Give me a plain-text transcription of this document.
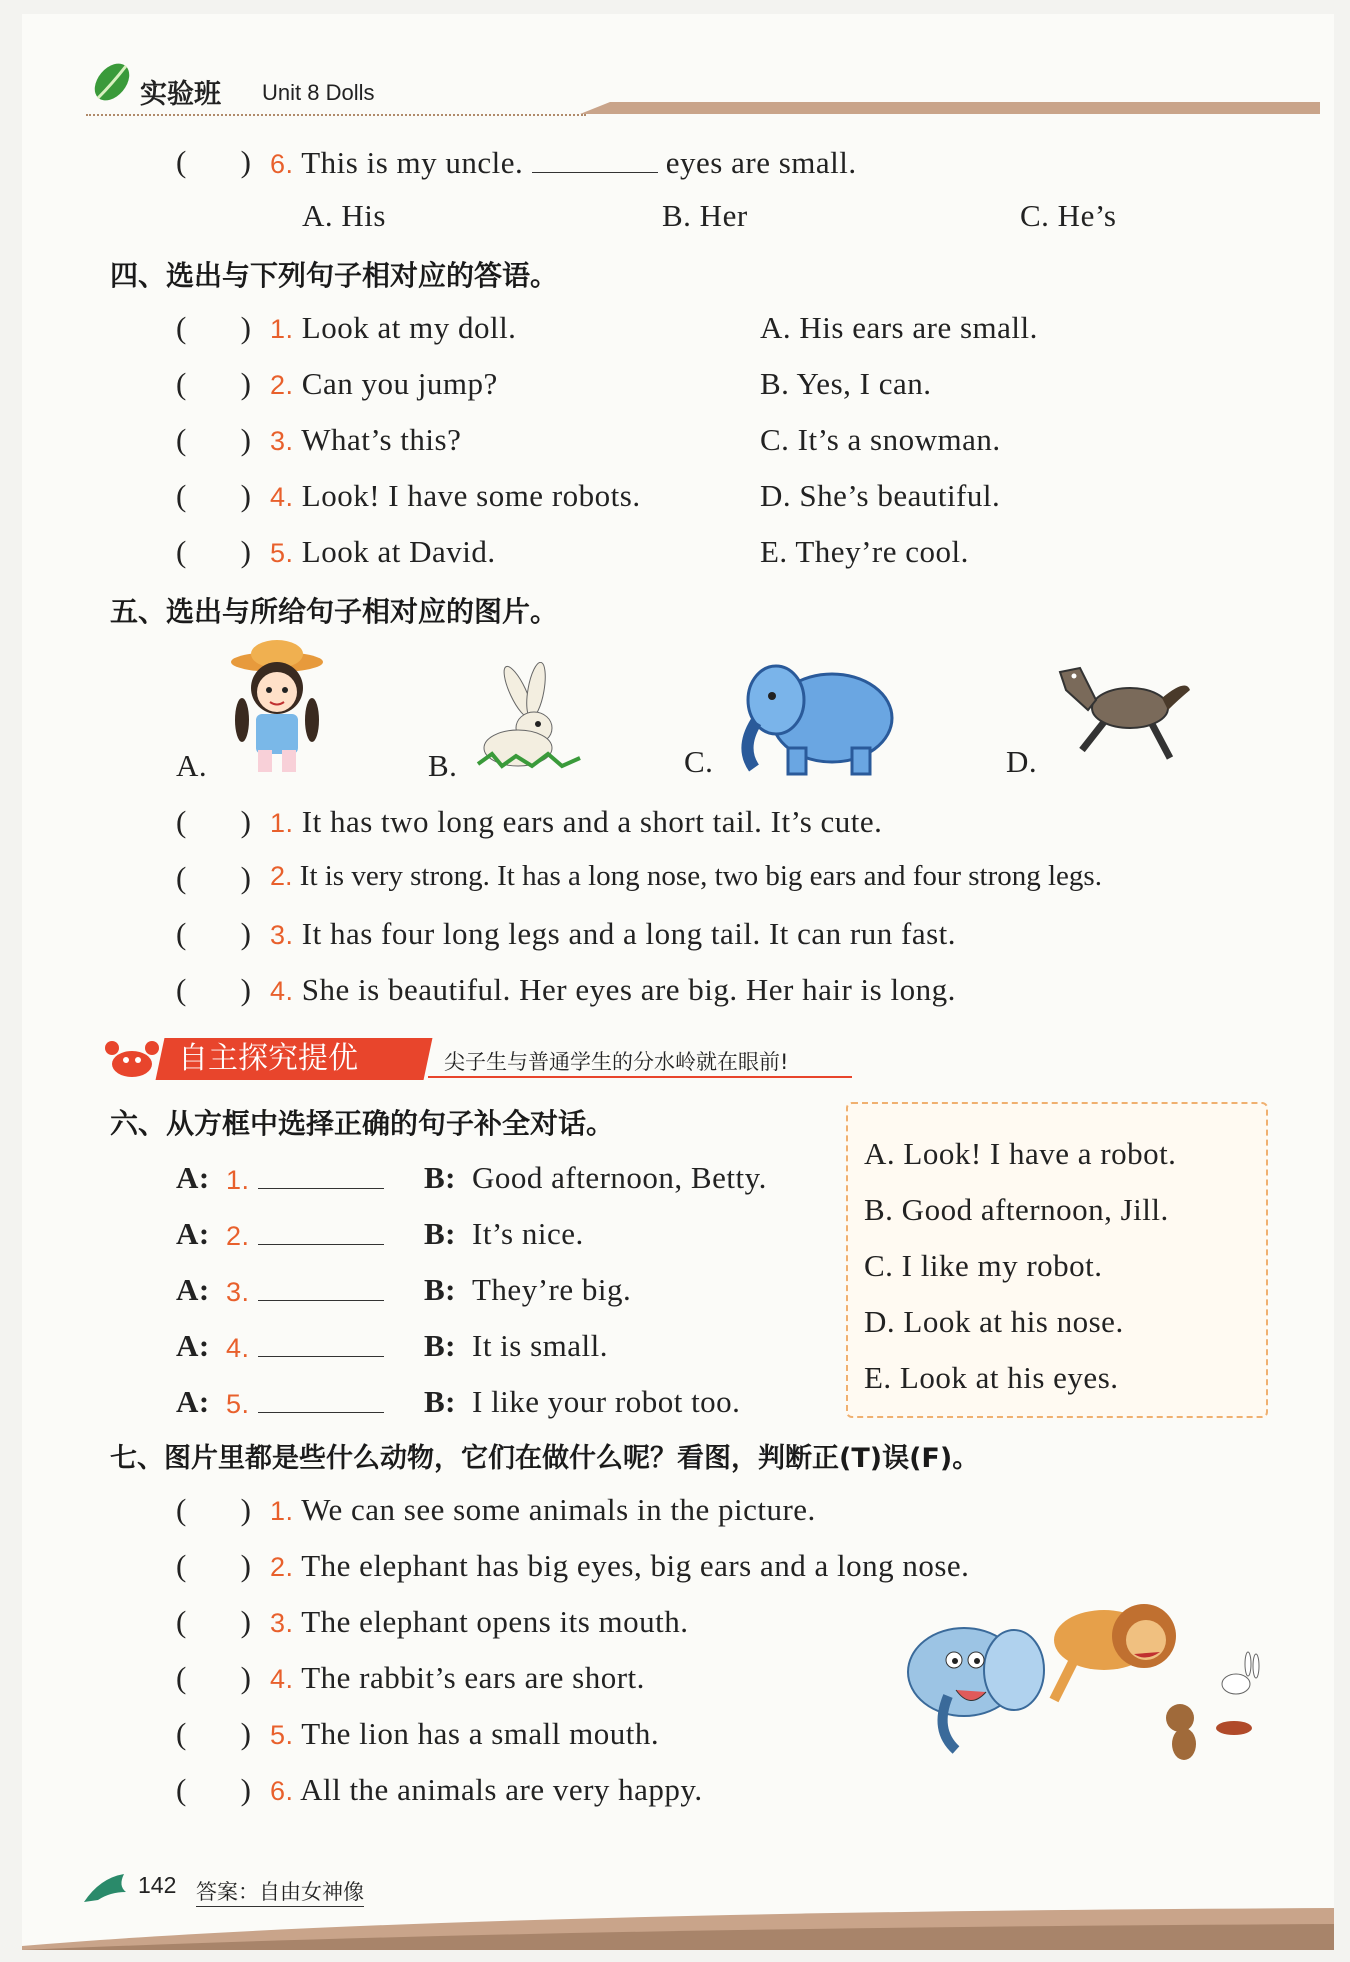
实验班 Unit 8 Dolls
(       ) 6. This is my uncle.	eyes are small.
A. His	B. Her	C. He’s
四、选出与下列句子相对应的答语。
(       ) 1. Look at my doll.	A. His ears are small.
(       ) 2. Can you jump?	B. Yes, I can.
(       ) 3. What’s this?	C. It’s a snowman.
(       ) 4. Look! I have some robots.	D. She’s beautiful.
(       ) 5. Look at David.	E. They’re cool.
五、选出与所给句子相对应的图片。
A.	B.	C.	D.
(       ) 1. It has two long ears and a short tail. It’s cute.
(       ) 2. It is very strong. It has a long nose, two big ears and four strong legs.
(       ) 3. It has four long legs and a long tail. It can run fast.
(       ) 4. She is beautiful. Her eyes are big. Her hair is long.
自主探究提优	尖子生与普通学生的分水岭就在眼前!
六、从方框中选择正确的句子补全对话。
A. Look! I have a robot.
B. Good afternoon, Jill.
C. I like my robot.
D. Look at his nose.
E. Look at his eyes.
A: 1.	B: Good afternoon, Betty.
A: 2.	B: It’s nice.
A: 3.	B: They’re big.
A: 4.	B: It is small.
A: 5.	B: I like your robot too.
七、图片里都是些什么动物，它们在做什么呢？看图，判断正(T)误(F)。
(       ) 1. We can see some animals in the picture.
(       ) 2. The elephant has big eyes, big ears and a long nose.
(       ) 3. The elephant opens its mouth.
(       ) 4. The rabbit’s ears are short.
(       ) 5. The lion has a small mouth.
(       ) 6. All the animals are very happy.
142 答案：自由女神像
